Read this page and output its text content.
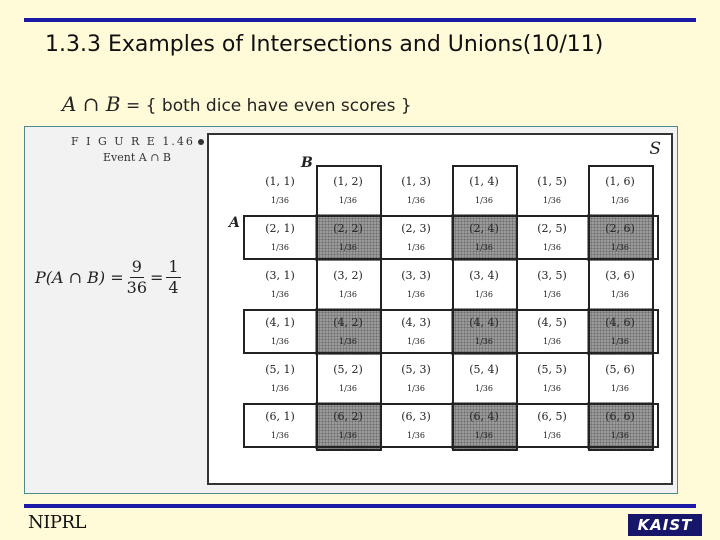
1.3.3 Examples of Intersections and Unions(10/11)
A ∩ B = { both dice have even scores }
F I G U R E 1.46
Event A ∩ B
P(A ∩ $B) = \frac{9}{36} = \frac{1}{4}$
S
B
A
(1, 1)
1/36
(1, 2)
1/36
(1, 3)
1/36
(1, 4)
1/36
(1, 5)
1/36
(1, 6)
1/36
(2, 1)
1/36
(2, 2)
1/36
(2, 3)
1/36
(2, 4)
1/36
(2, 5)
1/36
(2, 6)
1/36
(3, 1)
1/36
(3, 2)
1/36
(3, 3)
1/36
(3, 4)
1/36
(3, 5)
1/36
(3, 6)
1/36
(4, 1)
1/36
(4, 2)
1/36
(4, 3)
1/36
(4, 4)
1/36
(4, 5)
1/36
(4, 6)
1/36
(5, 1)
1/36
(5, 2)
1/36
(5, 3)
1/36
(5, 4)
1/36
(5, 5)
1/36
(5, 6)
1/36
(6, 1)
1/36
(6, 2)
1/36
(6, 3)
1/36
(6, 4)
1/36
(6, 5)
1/36
(6, 6)
1/36
NIPRL	KAIST
